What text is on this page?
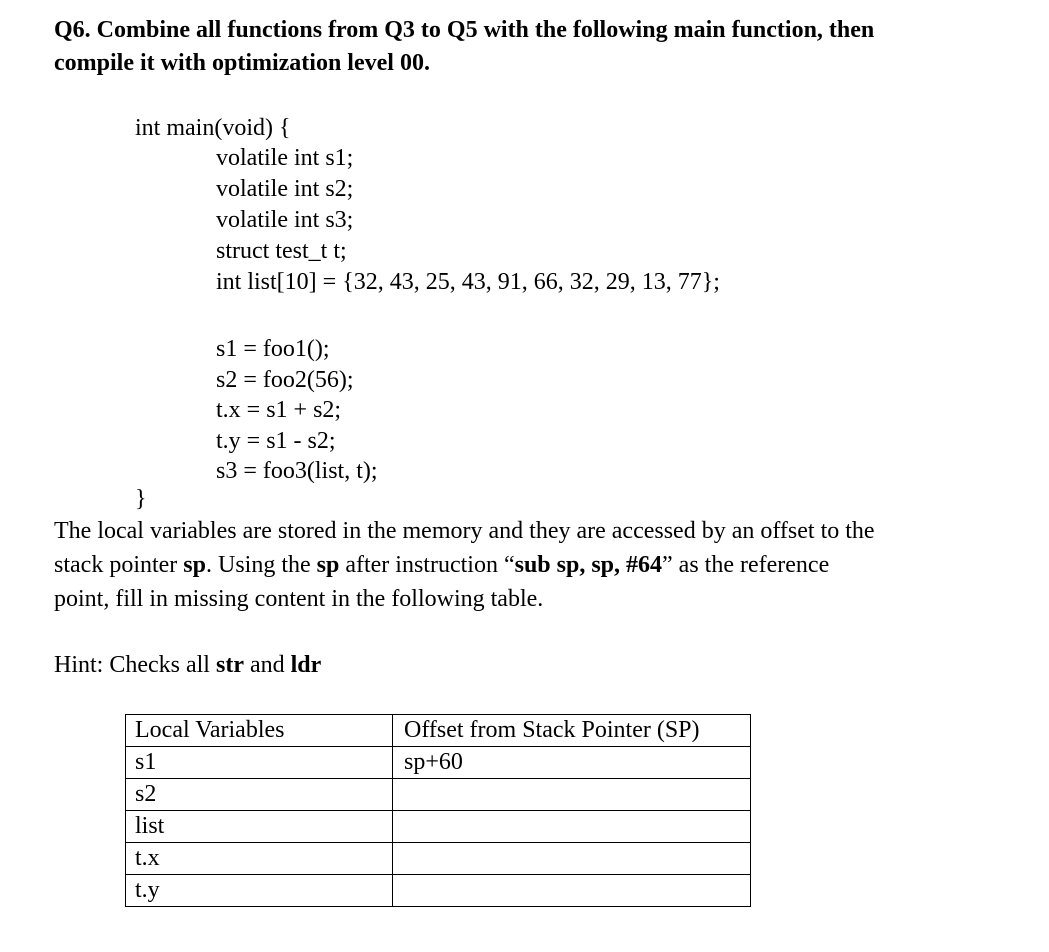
Q6. Combine all functions from Q3 to Q5 with the following main function, then
compile it with optimization level 00.
int main(void) {
volatile int s1;
volatile int s2;
volatile int s3;
struct test_t t;
int list[10] = {32, 43, 25, 43, 91, 66, 32, 29, 13, 77};
s1 = foo1();
s2 = foo2(56);
t.x = s1 + s2;
t.y = s1 - s2;
s3 = foo3(list, t);
}
The local variables are stored in the memory and they are accessed by an offset to the
stack pointer sp. Using the sp after instruction “sub sp, sp, #64” as the reference
point, fill in missing content in the following table.
Hint: Checks all str and ldr
Local Variables	Offset from Stack Pointer (SP)
s1	sp+60
s2	
list	
t.x	
t.y	
